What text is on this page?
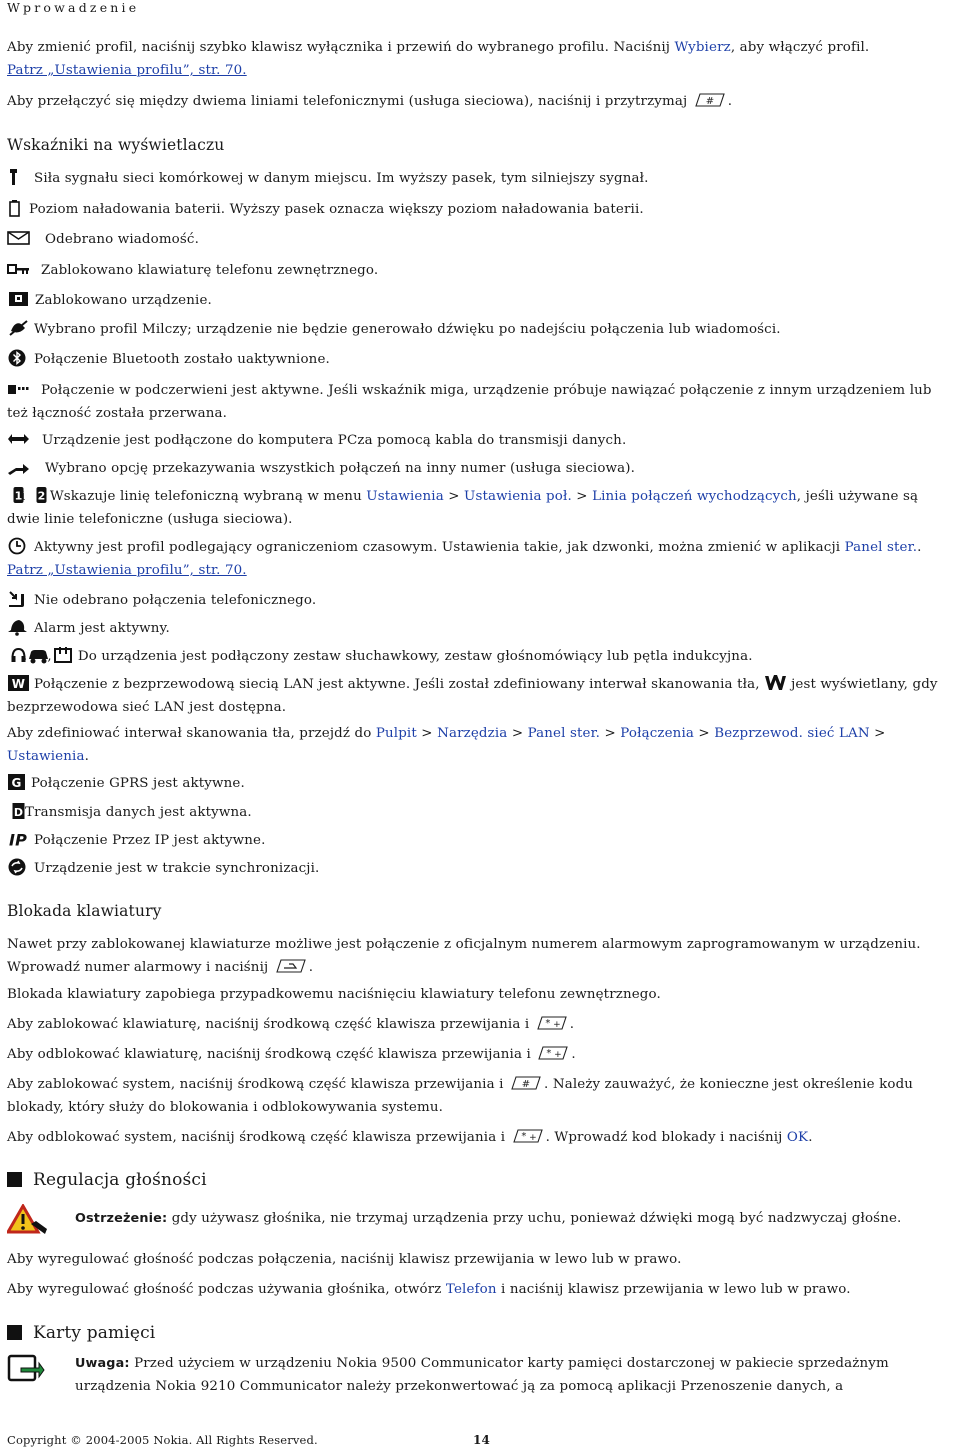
Wprowadzenie
Aby zmienić profil, naciśnij szybko klawisz wyłącznika i przewiń do wybranego profilu. Naciśnij Wybierz, aby włączyć profil.
Patrz „Ustawienia profilu”, str. 70.
Aby przełączyć się między dwiema liniami telefonicznymi (usługa sieciowa), naciśnij i przytrzymaj # .
Wskaźniki na wyświetlaczu
Siła sygnału sieci komórkowej w danym miejscu. Im wyższy pasek, tym silniejszy sygnał.
Poziom naładowania baterii. Wyższy pasek oznacza większy poziom naładowania baterii.
Odebrano wiadomość.
Zablokowano klawiaturę telefonu zewnętrznego.
Zablokowano urządzenie.
Wybrano profil Milczy; urządzenie nie będzie generowało dźwięku po nadejściu połączenia lub wiadomości.
Połączenie Bluetooth zostało uaktywnione.
Połączenie w podczerwieni jest aktywne. Jeśli wskaźnik miga, urządzenie próbuje nawiązać połączenie z innym urządzeniem lub też łączność została przerwana.
Urządzenie jest podłączone do komputera PCza pomocą kabla do transmisji danych.
Wybrano opcję przekazywania wszystkich połączeń na inny numer (usługa sieciowa).
1
i 2 Wskazuje linię telefoniczną wybraną w menu Ustawienia > Ustawienia poł. > Linia połączeń wychodzących, jeśli używane są dwie linie telefoniczne (usługa sieciowa).
Aktywny jest profil podlegający ograniczeniom czasowym. Ustawienia takie, jak dzwonki, można zmienić w aplikacji Panel ster.. Patrz „Ustawienia profilu”, str. 70.
Nie odebrano połączenia telefonicznego.
Alarm jest aktywny.
, , Do urządzenia jest podłączony zestaw słuchawkowy, zestaw głośnomówiący lub pętla indukcyjna.
W Połączenie z bezprzewodową siecią LAN jest aktywne. Jeśli został zdefiniowany interwał skanowania tła, jest wyświetlany, gdy bezprzewodowa sieć LAN jest dostępna.
Aby zdefiniować interwał skanowania tła, przejdź do Pulpit > Narzędzia > Panel ster. > Połączenia > Bezprzewod. sieć LAN > Ustawienia.
G Połączenie GPRS jest aktywne.
D Transmisja danych jest aktywna.
IP Połączenie Przez IP jest aktywne.
Urządzenie jest w trakcie synchronizacji.
Blokada klawiatury
Nawet przy zablokowanej klawiaturze możliwe jest połączenie z oficjalnym numerem alarmowym zaprogramowanym w urządzeniu. Wprowadź numer alarmowy i naciśnij	.
Blokada klawiatury zapobiega przypadkowemu naciśnięciu klawiatury telefonu zewnętrznego.
Aby zablokować klawiaturę, naciśnij środkową część klawisza przewijania i * + .
Aby odblokować klawiaturę, naciśnij środkową część klawisza przewijania i * + .
Aby zablokować system, naciśnij środkową część klawisza przewijania i # . Należy zauważyć, że konieczne jest określenie kodu blokady, który służy do blokowania i odblokowywania systemu.
Aby odblokować system, naciśnij środkową część klawisza przewijania i * + . Wprowadź kod blokady i naciśnij OK.
Regulacja głośności
Ostrzeżenie: gdy używasz głośnika, nie trzymaj urządzenia przy uchu, ponieważ dźwięki mogą być nadzwyczaj głośne.
Aby wyregulować głośność podczas połączenia, naciśnij klawisz przewijania w lewo lub w prawo.
Aby wyregulować głośność podczas używania głośnika, otwórz Telefon i naciśnij klawisz przewijania w lewo lub w prawo.
Karty pamięci
Uwaga: Przed użyciem w urządzeniu Nokia 9500 Communicator karty pamięci dostarczonej w pakiecie sprzedażnym urządzenia Nokia 9210 Communicator należy przekonwertować ją za pomocą aplikacji Przenoszenie danych, a
Copyright © 2004-2005 Nokia. All Rights Reserved.	14
